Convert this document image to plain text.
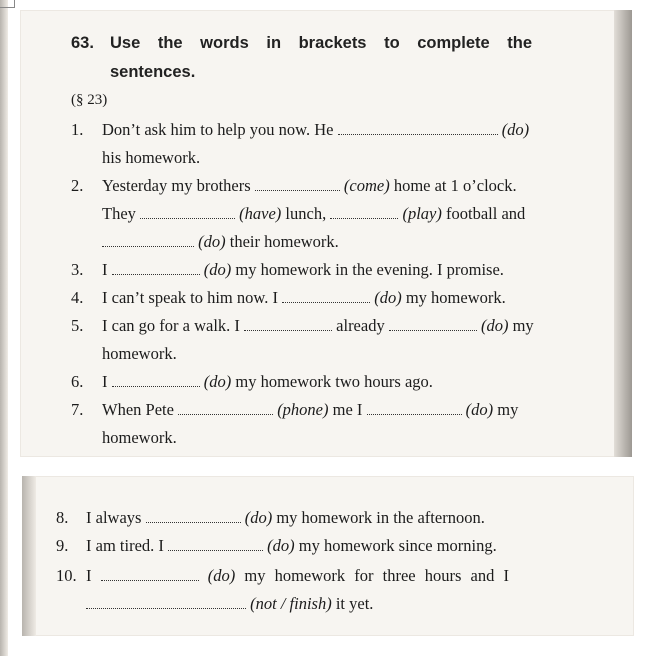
63. Use the words in brackets to complete the
sentences.
(§ 23)
1. Don’t ask him to help you now. He	(do)
his homework.
2. Yesterday my brothers	(come) home at 1 o’clock.
They	(have) lunch,	(play) football and
(do) their homework.
3. I	(do) my homework in the evening. I promise.
4. I can’t speak to him now. I	(do) my homework.
5. I can go for a walk. I	already	(do) my
homework.
6. I	(do) my homework two hours ago.
7. When Pete	(phone) me I	(do) my
homework.
8. I always	(do) my homework in the afternoon.
9. I am tired. I	(do) my homework since morning.
10. I	(do) my homework for three hours and I
(not / finish) it yet.
